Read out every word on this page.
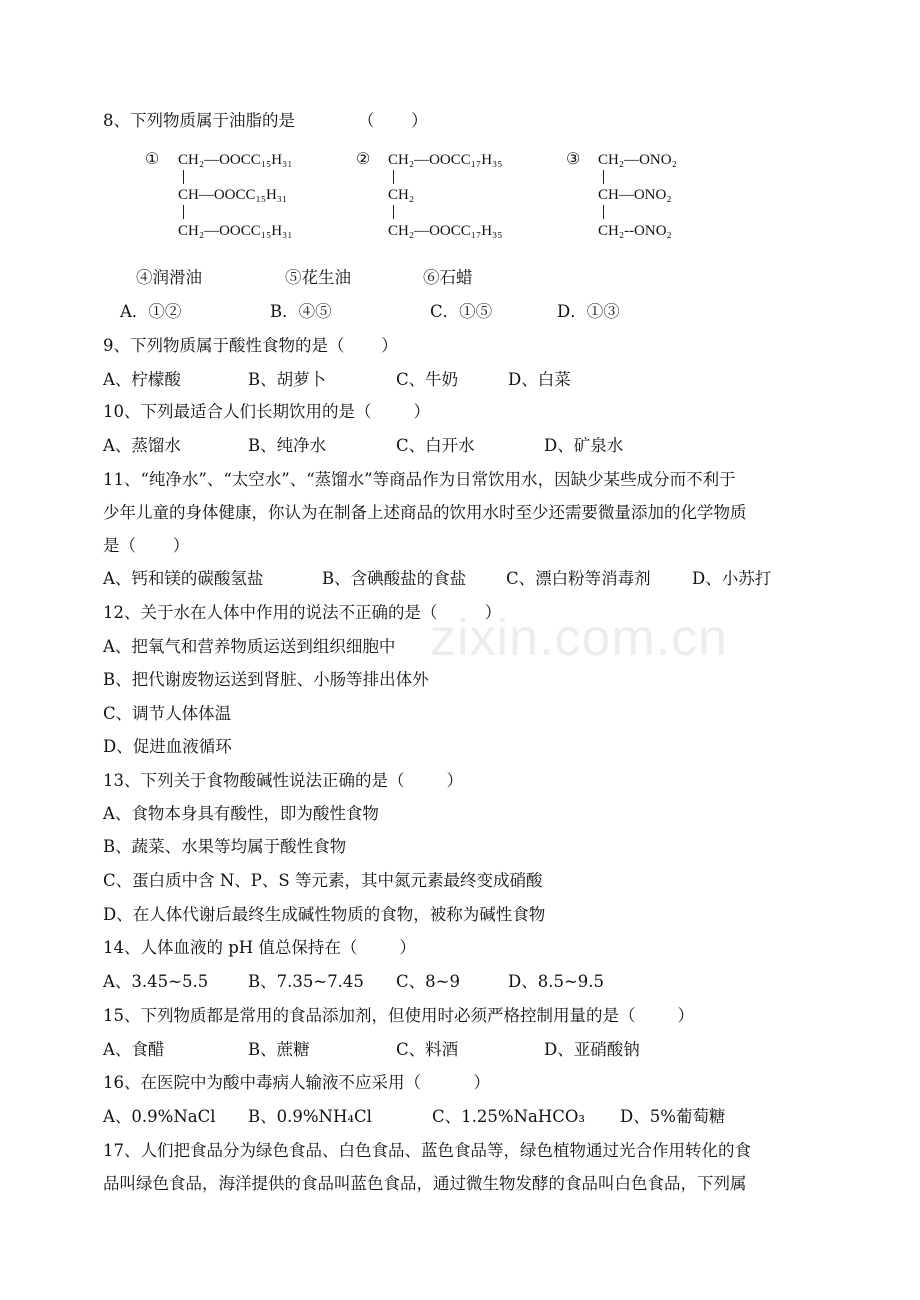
zixin.com.cn
8、下列物质属于油脂的是            （       ）
① CH₂—OOCC₁₅H₃₁
CH—OOCC₁₅H₃₁
CH₂—OOCC₁₅H₃₁
② CH₂—OOCC₁₇H₃₅
CH₂
CH₂—OOCC₁₇H₃₅
③ CH₂—ONO₂
CH—ONO₂
CH₂--ONO₂
④润滑油	⑤花生油	⑥石蜡
A．①②	B．④⑤	C．①⑤	D．①③
9、下列物质属于酸性食物的是（       ）
A、柠檬酸	B、胡萝卜	C、牛奶	D、白菜
10、下列最适合人们长期饮用的是（        ）
A、蒸馏水	B、纯净水	C、白开水	D、矿泉水
11、“纯净水”、“太空水”、“蒸馏水”等商品作为日常饮用水，因缺少某些成分而不利于
少年儿童的身体健康，你认为在制备上述商品的饮用水时至少还需要微量添加的化学物质
是（       ）
A、钙和镁的碳酸氢盐	B、含碘酸盐的食盐 C、漂白粉等消毒剂	D、小苏打
12、关于水在人体中作用的说法不正确的是（         ）
A、把氧气和营养物质运送到组织细胞中
B、把代谢废物运送到肾脏、小肠等排出体外
C、调节人体体温
D、促进血液循环
13、下列关于食物酸碱性说法正确的是（        ）
A、食物本身具有酸性，即为酸性食物
B、蔬菜、水果等均属于酸性食物
C、蛋白质中含 N、P、S 等元素，其中氮元素最终变成硝酸
D、在人体代谢后最终生成碱性物质的食物，被称为碱性食物
14、人体血液的 pH 值总保持在（        ）
A、3.45~5.5 B、7.35~7.45 C、8~9	D、8.5~9.5
15、下列物质都是常用的食品添加剂，但使用时必须严格控制用量的是（        ）
A、食醋	B、蔗糖	C、料酒	D、亚硝酸钠
16、在医院中为酸中毒病人输液不应采用（          ）
A、0.9%NaCl B、0.9%NH₄Cl	C、1.25%NaHCO₃ D、5%葡萄糖
17、人们把食品分为绿色食品、白色食品、蓝色食品等，绿色植物通过光合作用转化的食
品叫绿色食品，海洋提供的食品叫蓝色食品，通过微生物发酵的食品叫白色食品，下列属
